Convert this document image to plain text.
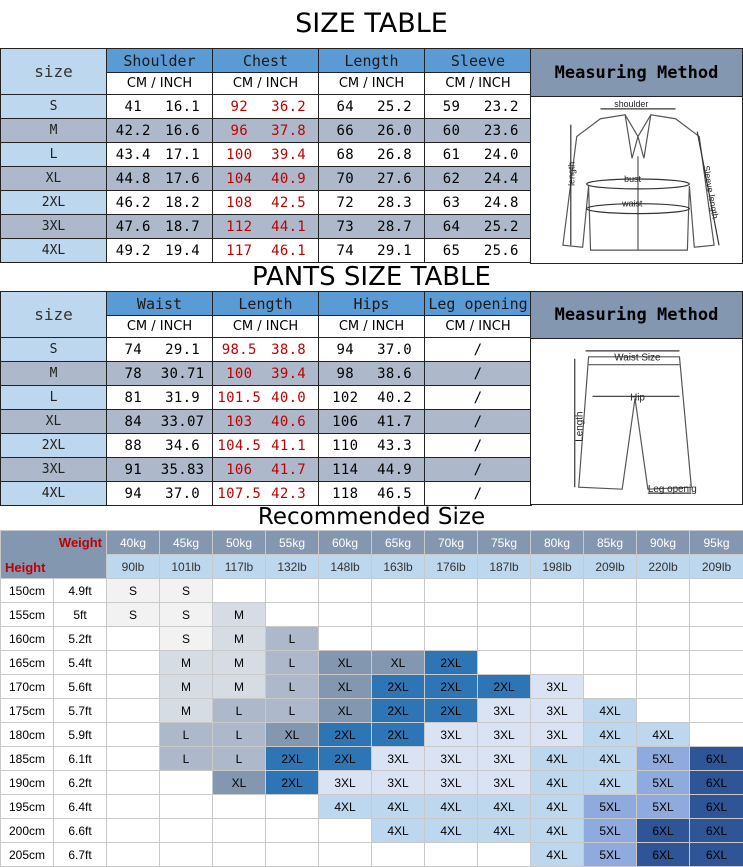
SIZE TABLE
size	Shoulder	Chest	Length	Sleeve
	CM / INCH	CM / INCH	CM / INCH	CM / INCH
S	41 16.1	92 36.2	64 25.2	59 23.2
M	42.2 16.6	96 37.8	66 26.0	60 23.6
L	43.4 17.1	100 39.4	68 26.8	61 24.0
XL	44.8 17.6	104 40.9	70 27.6	62 24.4
2XL	46.2 18.2	108 42.5	72 28.3	63 24.8
3XL	47.6 18.7	112 44.1	73 28.7	64 25.2
4XL	49.2 19.4	117 46.1	74 29.1	65 25.6
Measuring Method
shoulder
length	bust
waist	Sleeve length
PANTS SIZE TABLE
size	Waist	Length	Hips	Leg opening
	CM / INCH	CM / INCH	CM / INCH	CM / INCH
S	74 29.1	98.5 38.8	94 37.0	/
M	78 30.71	100 39.4	98 38.6	/
L	81 31.9	101.5 40.0	102 40.2	/
XL	84 33.07	103 40.6	106 41.7	/
2XL	88 34.6	104.5 41.1	110 43.3	/
3XL	91 35.83	106 41.7	114 44.9	/
4XL	94 37.0	107.5 42.3	118 46.5	/
Measuring Method
Waist Size
Hip
Length
Leg openig
Recommended Size
Weight
Height		40kg	45kg	50kg	55kg	60kg	65kg	70kg	75kg	80kg	85kg	90kg	95kg
		90lb	101lb	117lb	132lb	148lb	163lb	176lb	187lb	198lb	209lb	220lb	209lb
150cm	4.9ft	S	S										
155cm	5ft	S	S	M									
160cm	5.2ft		S	M	L								
165cm	5.4ft		M	M	L	XL	XL	2XL					
170cm	5.6ft		M	M	L	XL	2XL	2XL	2XL	3XL			
175cm	5.7ft		M	L	L	XL	2XL	2XL	3XL	3XL	4XL		
180cm	5.9ft		L	L	XL	2XL	2XL	3XL	3XL	3XL	4XL	4XL	
185cm	6.1ft		L	L	2XL	2XL	3XL	3XL	3XL	4XL	4XL	5XL	6XL
190cm	6.2ft			XL	2XL	3XL	3XL	3XL	3XL	4XL	4XL	5XL	6XL
195cm	6.4ft					4XL	4XL	4XL	4XL	4XL	5XL	5XL	6XL
200cm	6.6ft						4XL	4XL	4XL	4XL	5XL	6XL	6XL
205cm	6.7ft									4XL	5XL	6XL	6XL
